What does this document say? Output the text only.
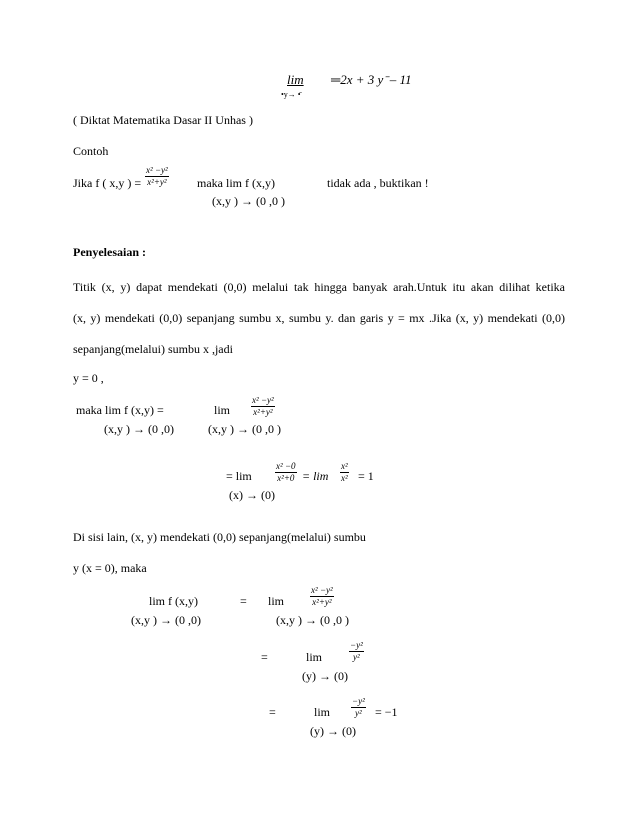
lim
•y→ •̄
═2x + 3 y ̄ – 11
( Diktat Matematika Dasar II Unhas )
Contoh
Jika f ( x,y ) = $\frac{\text{x² −y²}}{\text{x²+y²}}$ maka lim f (x,y)	tidak ada , buktikan !
(x,y ) → (0 ,0 )
Penyelesaian :
Titik (x, y) dapat mendekati (0,0) melalui tak hingga banyak arah.Untuk itu akan dilihat ketika
(x, y) mendekati (0,0) sepanjang sumbu x, sumbu y. dan garis y = mx .Jika (x, y) mendekati (0,0)
sepanjang(melalui) sumbu x ,jadi
y = 0 ,
maka lim f (x,y) =
(x,y ) → (0 ,0)
lim
(x,y ) → (0 ,0 )
$\frac{\text{x² −y²}}{\text{x²+y²}}$
= lim
(x) → (0)
$\frac{\text{x² −0}}{\text{x²+0}} = \lim \frac{\text{x²}}{\text{x²}} = 1$
Di sisi lain, (x, y) mendekati (0,0) sepanjang(melalui) sumbu
y (x = 0), maka
lim f (x,y)
(x,y ) → (0 ,0)
= lim
(x,y ) → (0 ,0 )
$\frac{\text{x² −y²}}{\text{x²+y²}}$
=	lim
(y) → (0)
$\frac{\text{−y²}}{\text{y²}}$
=	lim
(y) → (0)
$\frac{\text{−y²}}{\text{y²}} = -1$
